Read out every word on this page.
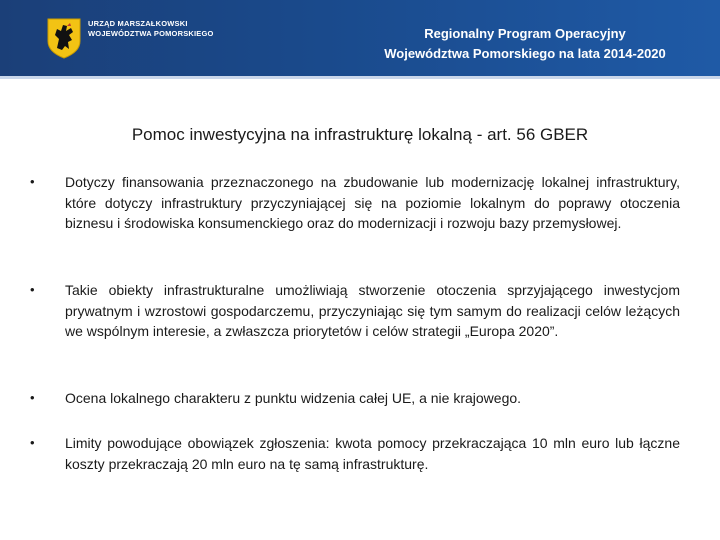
URZĄD MARSZAŁKOWSKI
WOJEWÓDZTWA POMORSKIEGO	Regionalny Program Operacyjny
Województwa Pomorskiego na lata 2014-2020
Pomoc inwestycyjna na infrastrukturę lokalną - art. 56 GBER
•	Dotyczy finansowania przeznaczonego na zbudowanie lub modernizację lokalnej infrastruktury, które dotyczy infrastruktury przyczyniającej się na poziomie lokalnym do poprawy otoczenia biznesu i środowiska konsumenckiego oraz do modernizacji i rozwoju bazy przemysłowej.
•	Takie obiekty infrastrukturalne umożliwiają stworzenie otoczenia sprzyjającego inwestycjom prywatnym i wzrostowi gospodarczemu, przyczyniając się tym samym do realizacji celów leżących we wspólnym interesie, a zwłaszcza priorytetów i celów strategii „Europa 2020”.
•	Ocena lokalnego charakteru z punktu widzenia całej UE, a nie krajowego.
•	Limity powodujące obowiązek zgłoszenia: kwota pomocy przekraczająca 10 mln euro lub łączne koszty przekraczają 20 mln euro na tę samą infrastrukturę.
